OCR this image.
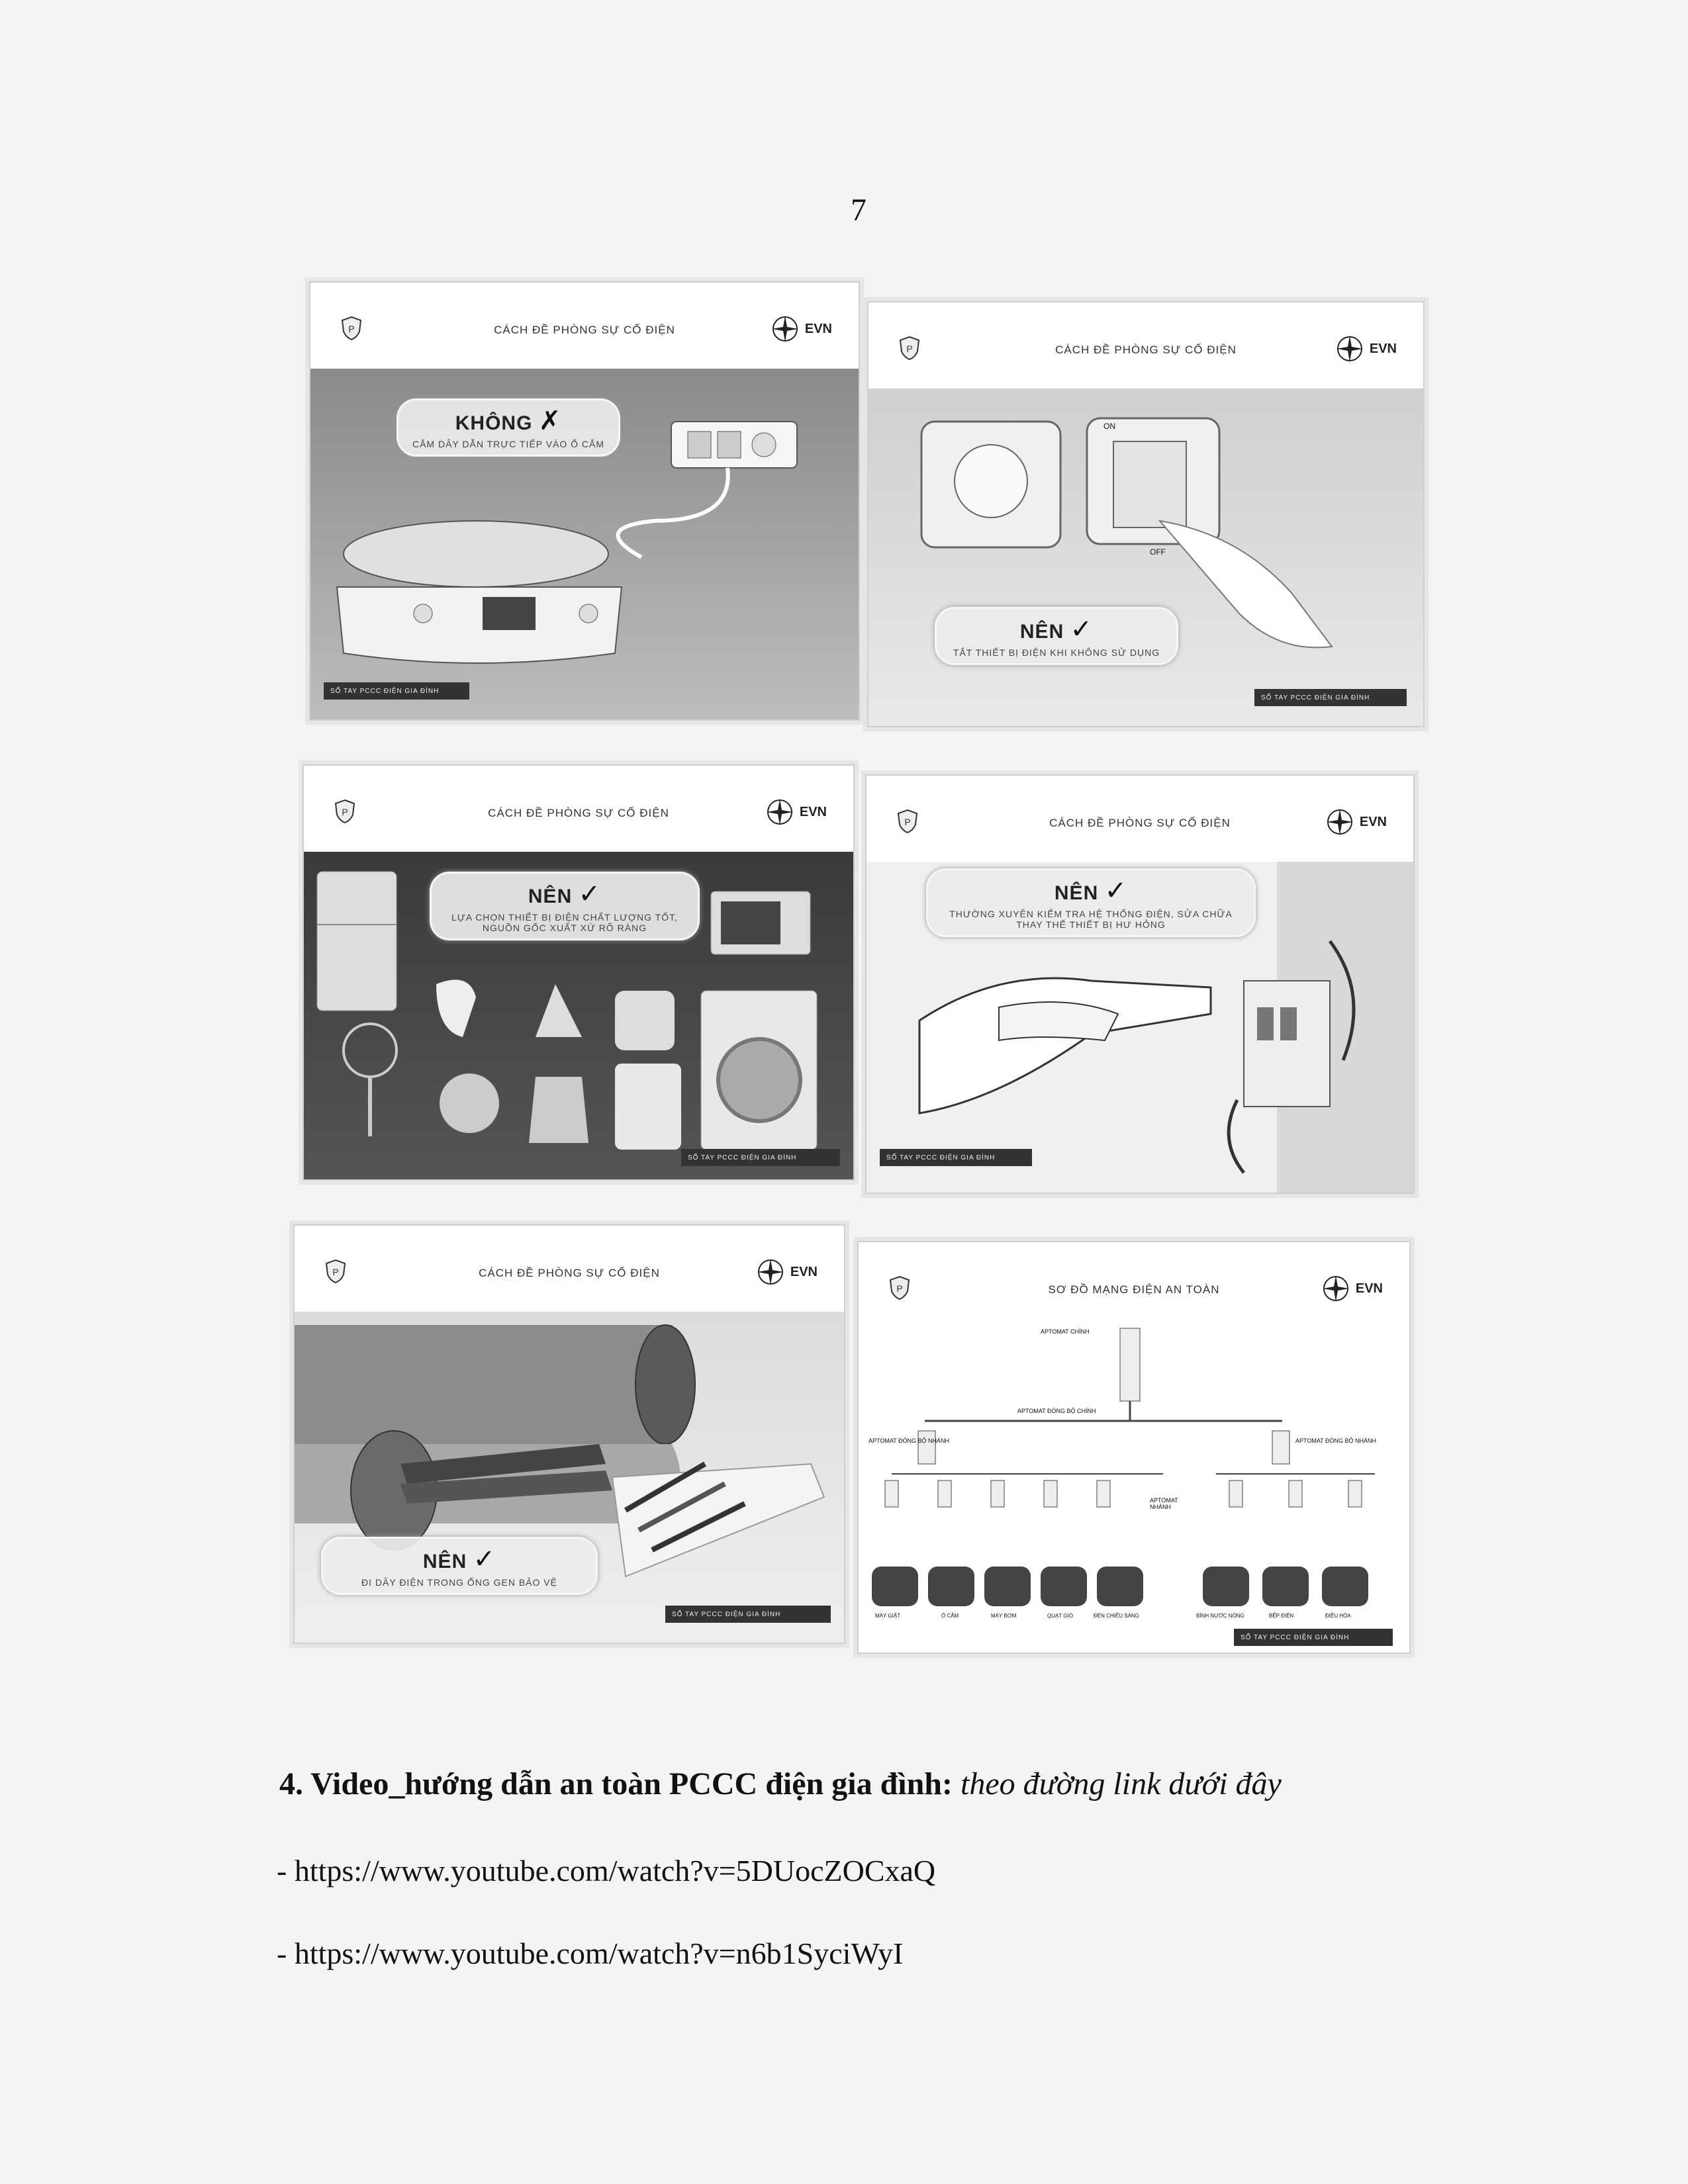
7
CÁCH ĐỀ PHÒNG SỰ CỐ ĐIỆN	EVN
KHÔNG ✗
CẮM DÂY DẪN TRỰC TIẾP VÀO Ổ CẮM
SỔ TAY PCCC ĐIỆN GIA ĐÌNH
CÁCH ĐỀ PHÒNG SỰ CỐ ĐIỆN	EVN
ON
OFF
NÊN ✓
TẮT THIẾT BỊ ĐIỆN KHI KHÔNG SỬ DỤNG
SỔ TAY PCCC ĐIỆN GIA ĐÌNH
CÁCH ĐỀ PHÒNG SỰ CỐ ĐIỆN	EVN
NÊN ✓
LỰA CHỌN THIẾT BỊ ĐIỆN CHẤT LƯỢNG TỐT, NGUỒN GỐC XUẤT XỨ RÕ RÀNG
SỔ TAY PCCC ĐIỆN GIA ĐÌNH
CÁCH ĐỀ PHÒNG SỰ CỐ ĐIỆN	EVN
NÊN ✓
THƯỜNG XUYÊN KIỂM TRA HỆ THỐNG ĐIỆN, SỬA CHỮA THAY THẾ THIẾT BỊ HƯ HỎNG
SỔ TAY PCCC ĐIỆN GIA ĐÌNH
CÁCH ĐỀ PHÒNG SỰ CỐ ĐIỆN	EVN
NÊN ✓
ĐI DÂY ĐIỆN TRONG ỐNG GEN BẢO VỆ
SỔ TAY PCCC ĐIỆN GIA ĐÌNH
SƠ ĐỒ MẠNG ĐIỆN AN TOÀN	EVN
APTOMAT CHÍNH
APTOMAT ĐÓNG BỘ CHÍNH
APTOMAT ĐÓNG BỘ NHÁNH	APTOMAT ĐÓNG BỘ NHÁNH
APTOMAT NHÁNH
MÁY GIẶT	Ổ CẮM	MÁY BƠM	QUẠT GIÓ	ĐÈN CHIẾU SÁNG	BÌNH NƯỚC NÓNG	BẾP ĐIỆN	ĐIỀU HÒA
SỔ TAY PCCC ĐIỆN GIA ĐÌNH
4. Video_hướng dẫn an toàn PCCC điện gia đình: theo đường link dưới đây
- https://www.youtube.com/watch?v=5DUocZOCxaQ
- https://www.youtube.com/watch?v=n6b1SyciWyI
